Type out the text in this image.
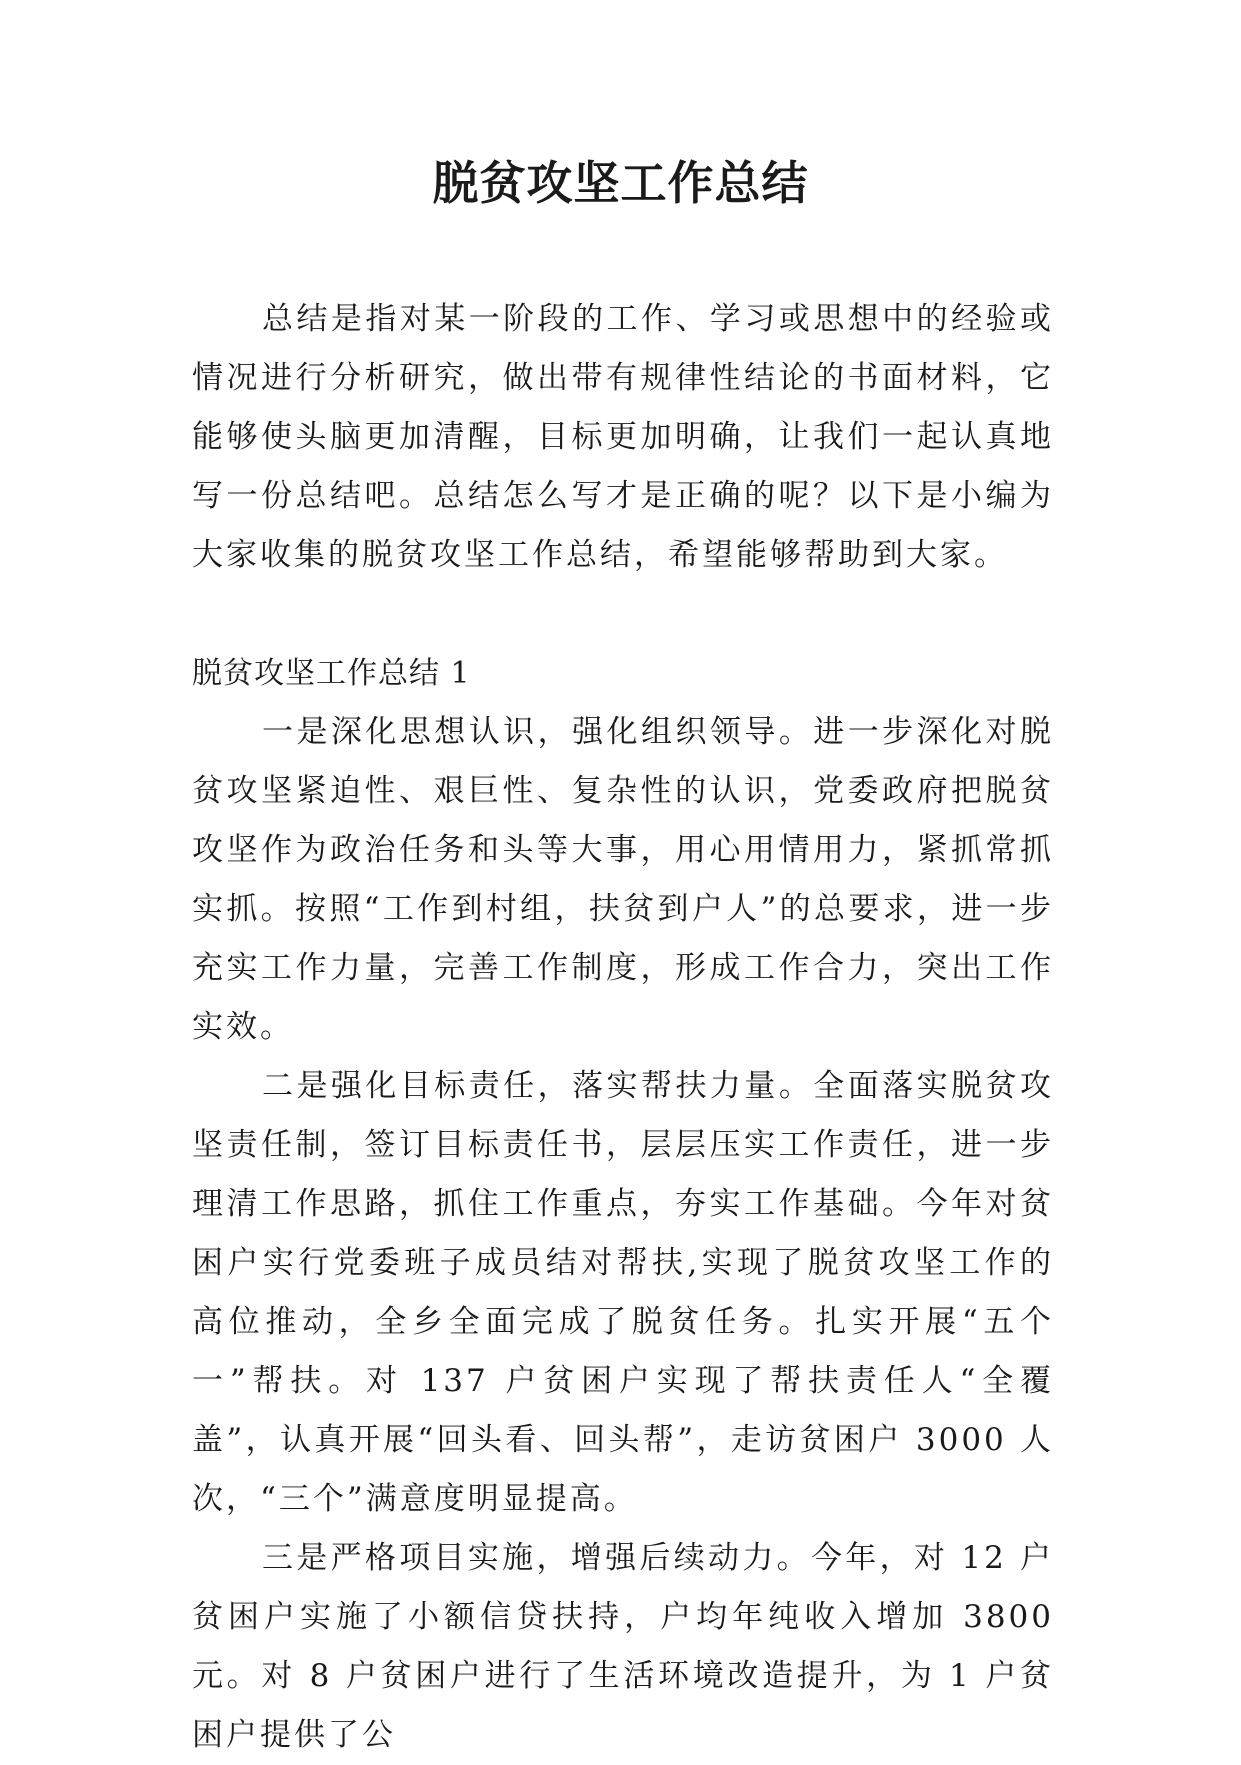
脱贫攻坚工作总结

总结是指对某一阶段的工作、学习或思想中的经验或情况进行分析研究，做出带有规律性结论的书面材料，它能够使头脑更加清醒，目标更加明确，让我们一起认真地写一份总结吧。总结怎么写才是正确的呢？以下是小编为大家收集的脱贫攻坚工作总结，希望能够帮助到大家。

脱贫攻坚工作总结 1

一是深化思想认识，强化组织领导。进一步深化对脱贫攻坚紧迫性、艰巨性、复杂性的认识，党委政府把脱贫攻坚作为政治任务和头等大事，用心用情用力，紧抓常抓实抓。按照“工作到村组，扶贫到户人”的总要求，进一步充实工作力量，完善工作制度，形成工作合力，突出工作实效。

二是强化目标责任，落实帮扶力量。全面落实脱贫攻坚责任制，签订目标责任书，层层压实工作责任，进一步理清工作思路，抓住工作重点，夯实工作基础。今年对贫困户实行党委班子成员结对帮扶,实现了脱贫攻坚工作的高位推动，全乡全面完成了脱贫任务。扎实开展“五个一”帮扶。对 137 户贫困户实现了帮扶责任人“全覆盖”，认真开展“回头看、回头帮”，走访贫困户 3000 人次，“三个”满意度明显提高。

三是严格项目实施，增强后续动力。今年，对 12 户贫困户实施了小额信贷扶持，户均年纯收入增加 3800 元。对 8 户贫困户进行了生活环境改造提升，为 1 户贫困户提供了公
